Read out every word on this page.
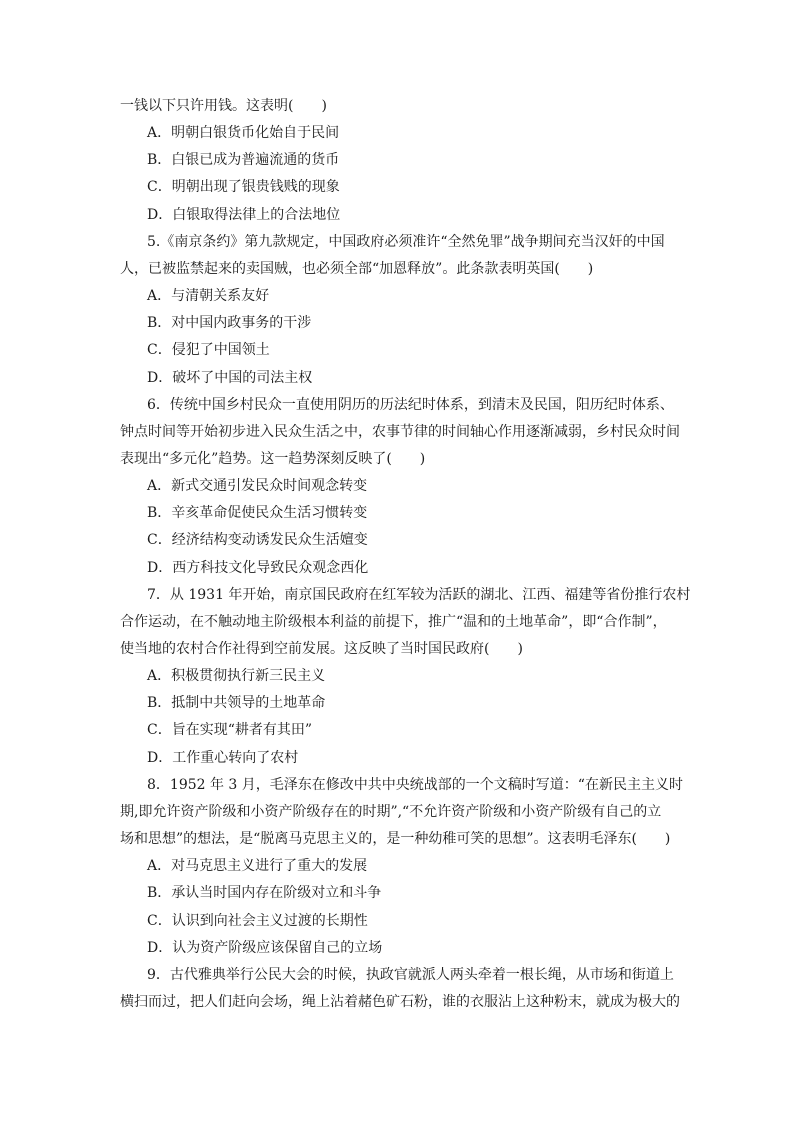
一钱以下只许用钱。这表明(　　)
A．明朝白银货币化始自于民间
B．白银已成为普遍流通的货币
C．明朝出现了银贵钱贱的现象
D．白银取得法律上的合法地位
5.《南京条约》第九款规定，中国政府必须准许“全然免罪”战争期间充当汉奸的中国
人，已被监禁起来的卖国贼，也必须全部“加恩释放”。此条款表明英国(　　)
A．与清朝关系友好
B．对中国内政事务的干涉
C．侵犯了中国领土
D．破坏了中国的司法主权
6．传统中国乡村民众一直使用阴历的历法纪时体系，到清末及民国，阳历纪时体系、
钟点时间等开始初步进入民众生活之中，农事节律的时间轴心作用逐渐减弱，乡村民众时间
表现出“多元化”趋势。这一趋势深刻反映了(　　)
A．新式交通引发民众时间观念转变
B．辛亥革命促使民众生活习惯转变
C．经济结构变动诱发民众生活嬗变
D．西方科技文化导致民众观念西化
7．从 1931 年开始，南京国民政府在红军较为活跃的湖北、江西、福建等省份推行农村
合作运动，在不触动地主阶级根本利益的前提下，推广“温和的土地革命”，即“合作制”，
使当地的农村合作社得到空前发展。这反映了当时国民政府(　　)
A．积极贯彻执行新三民主义
B．抵制中共领导的土地革命
C．旨在实现“耕者有其田”
D．工作重心转向了农村
8．1952 年 3 月，毛泽东在修改中共中央统战部的一个文稿时写道：“在新民主主义时
期,即允许资产阶级和小资产阶级存在的时期”,“不允许资产阶级和小资产阶级有自己的立
场和思想”的想法，是“脱离马克思主义的，是一种幼稚可笑的思想”。这表明毛泽东(　　)
A．对马克思主义进行了重大的发展
B．承认当时国内存在阶级对立和斗争
C．认识到向社会主义过渡的长期性
D．认为资产阶级应该保留自己的立场
9．古代雅典举行公民大会的时候，执政官就派人两头牵着一根长绳，从市场和街道上
横扫而过，把人们赶向会场，绳上沾着赭色矿石粉，谁的衣服沾上这种粉末，就成为极大的
